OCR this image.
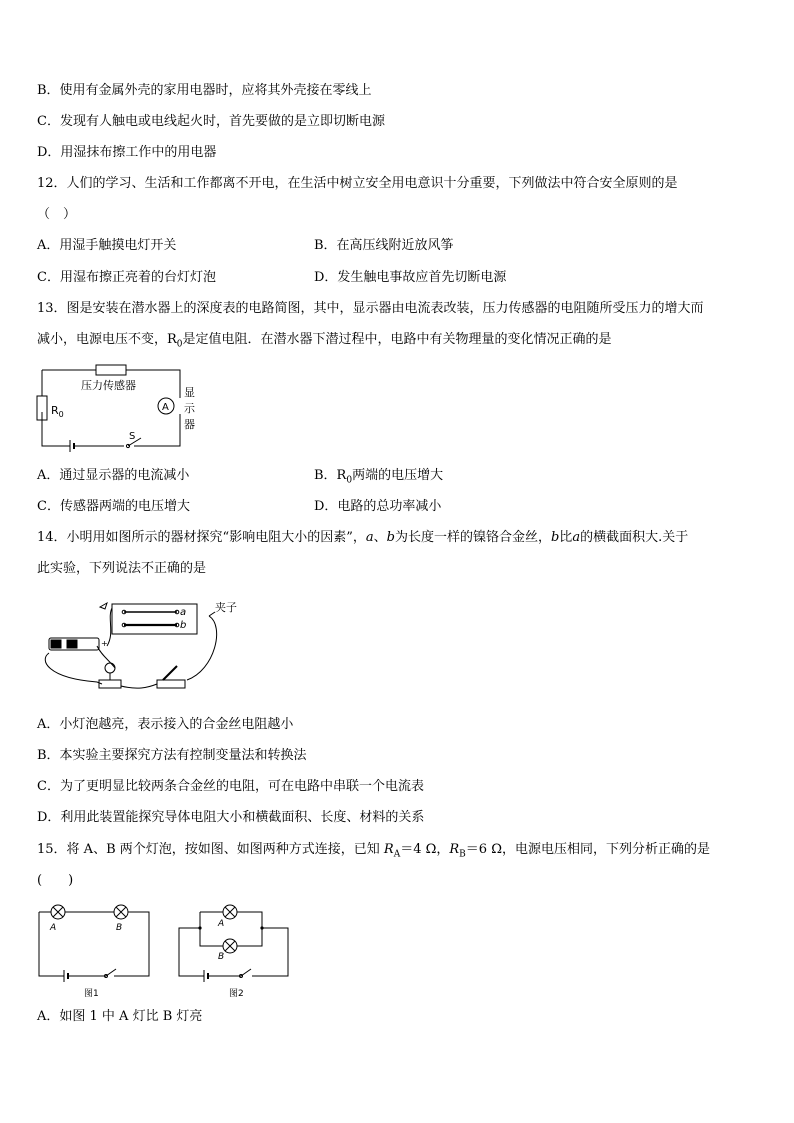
B．使用有金属外壳的家用电器时，应将其外壳接在零线上
C．发现有人触电或电线起火时，首先要做的是立即切断电源
D．用湿抹布擦工作中的用电器
12．人们的学习、生活和工作都离不开电，在生活中树立安全用电意识十分重要，下列做法中符合安全原则的是
（　）
A．用湿手触摸电灯开关	B．在高压线附近放风筝
C．用湿布擦正亮着的台灯灯泡	D．发生触电事故应首先切断电源
13．图是安装在潜水器上的深度表的电路简图，其中，显示器由电流表改装，压力传感器的电阻随所受压力的增大而
减小，电源电压不变，$R_0$是定值电阻．在潜水器下潜过程中，电路中有关物理量的变化情况正确的是
压力传感器
A
$R_0$
S
显
示
器
A．通过显示器的电流减小	B．$R_0$两端的电压增大
C．传感器两端的电压增大	D．电路的总功率减小
14．小明用如图所示的器材探究“影响电阻大小的因素”，a、b为长度一样的镍铬合金丝，b比a的横截面积大.关于
此实验，下列说法不正确的是
+
a
b
夹子
A．小灯泡越亮，表示接入的合金丝电阻越小
B．本实验主要探究方法有控制变量法和转换法
C．为了更明显比较两条合金丝的电阻，可在电路中串联一个电流表
D．利用此装置能探究导体电阻大小和横截面积、长度、材料的关系
15．将 A、B 两个灯泡，按如图、如图两种方式连接，已知 $R_A=4$ Ω，$R_B=6$ Ω，电源电压相同，下列分析正确的是
(　　)
A	B	A
B
图1	图2
A．如图 1 中 A 灯比 B 灯亮
